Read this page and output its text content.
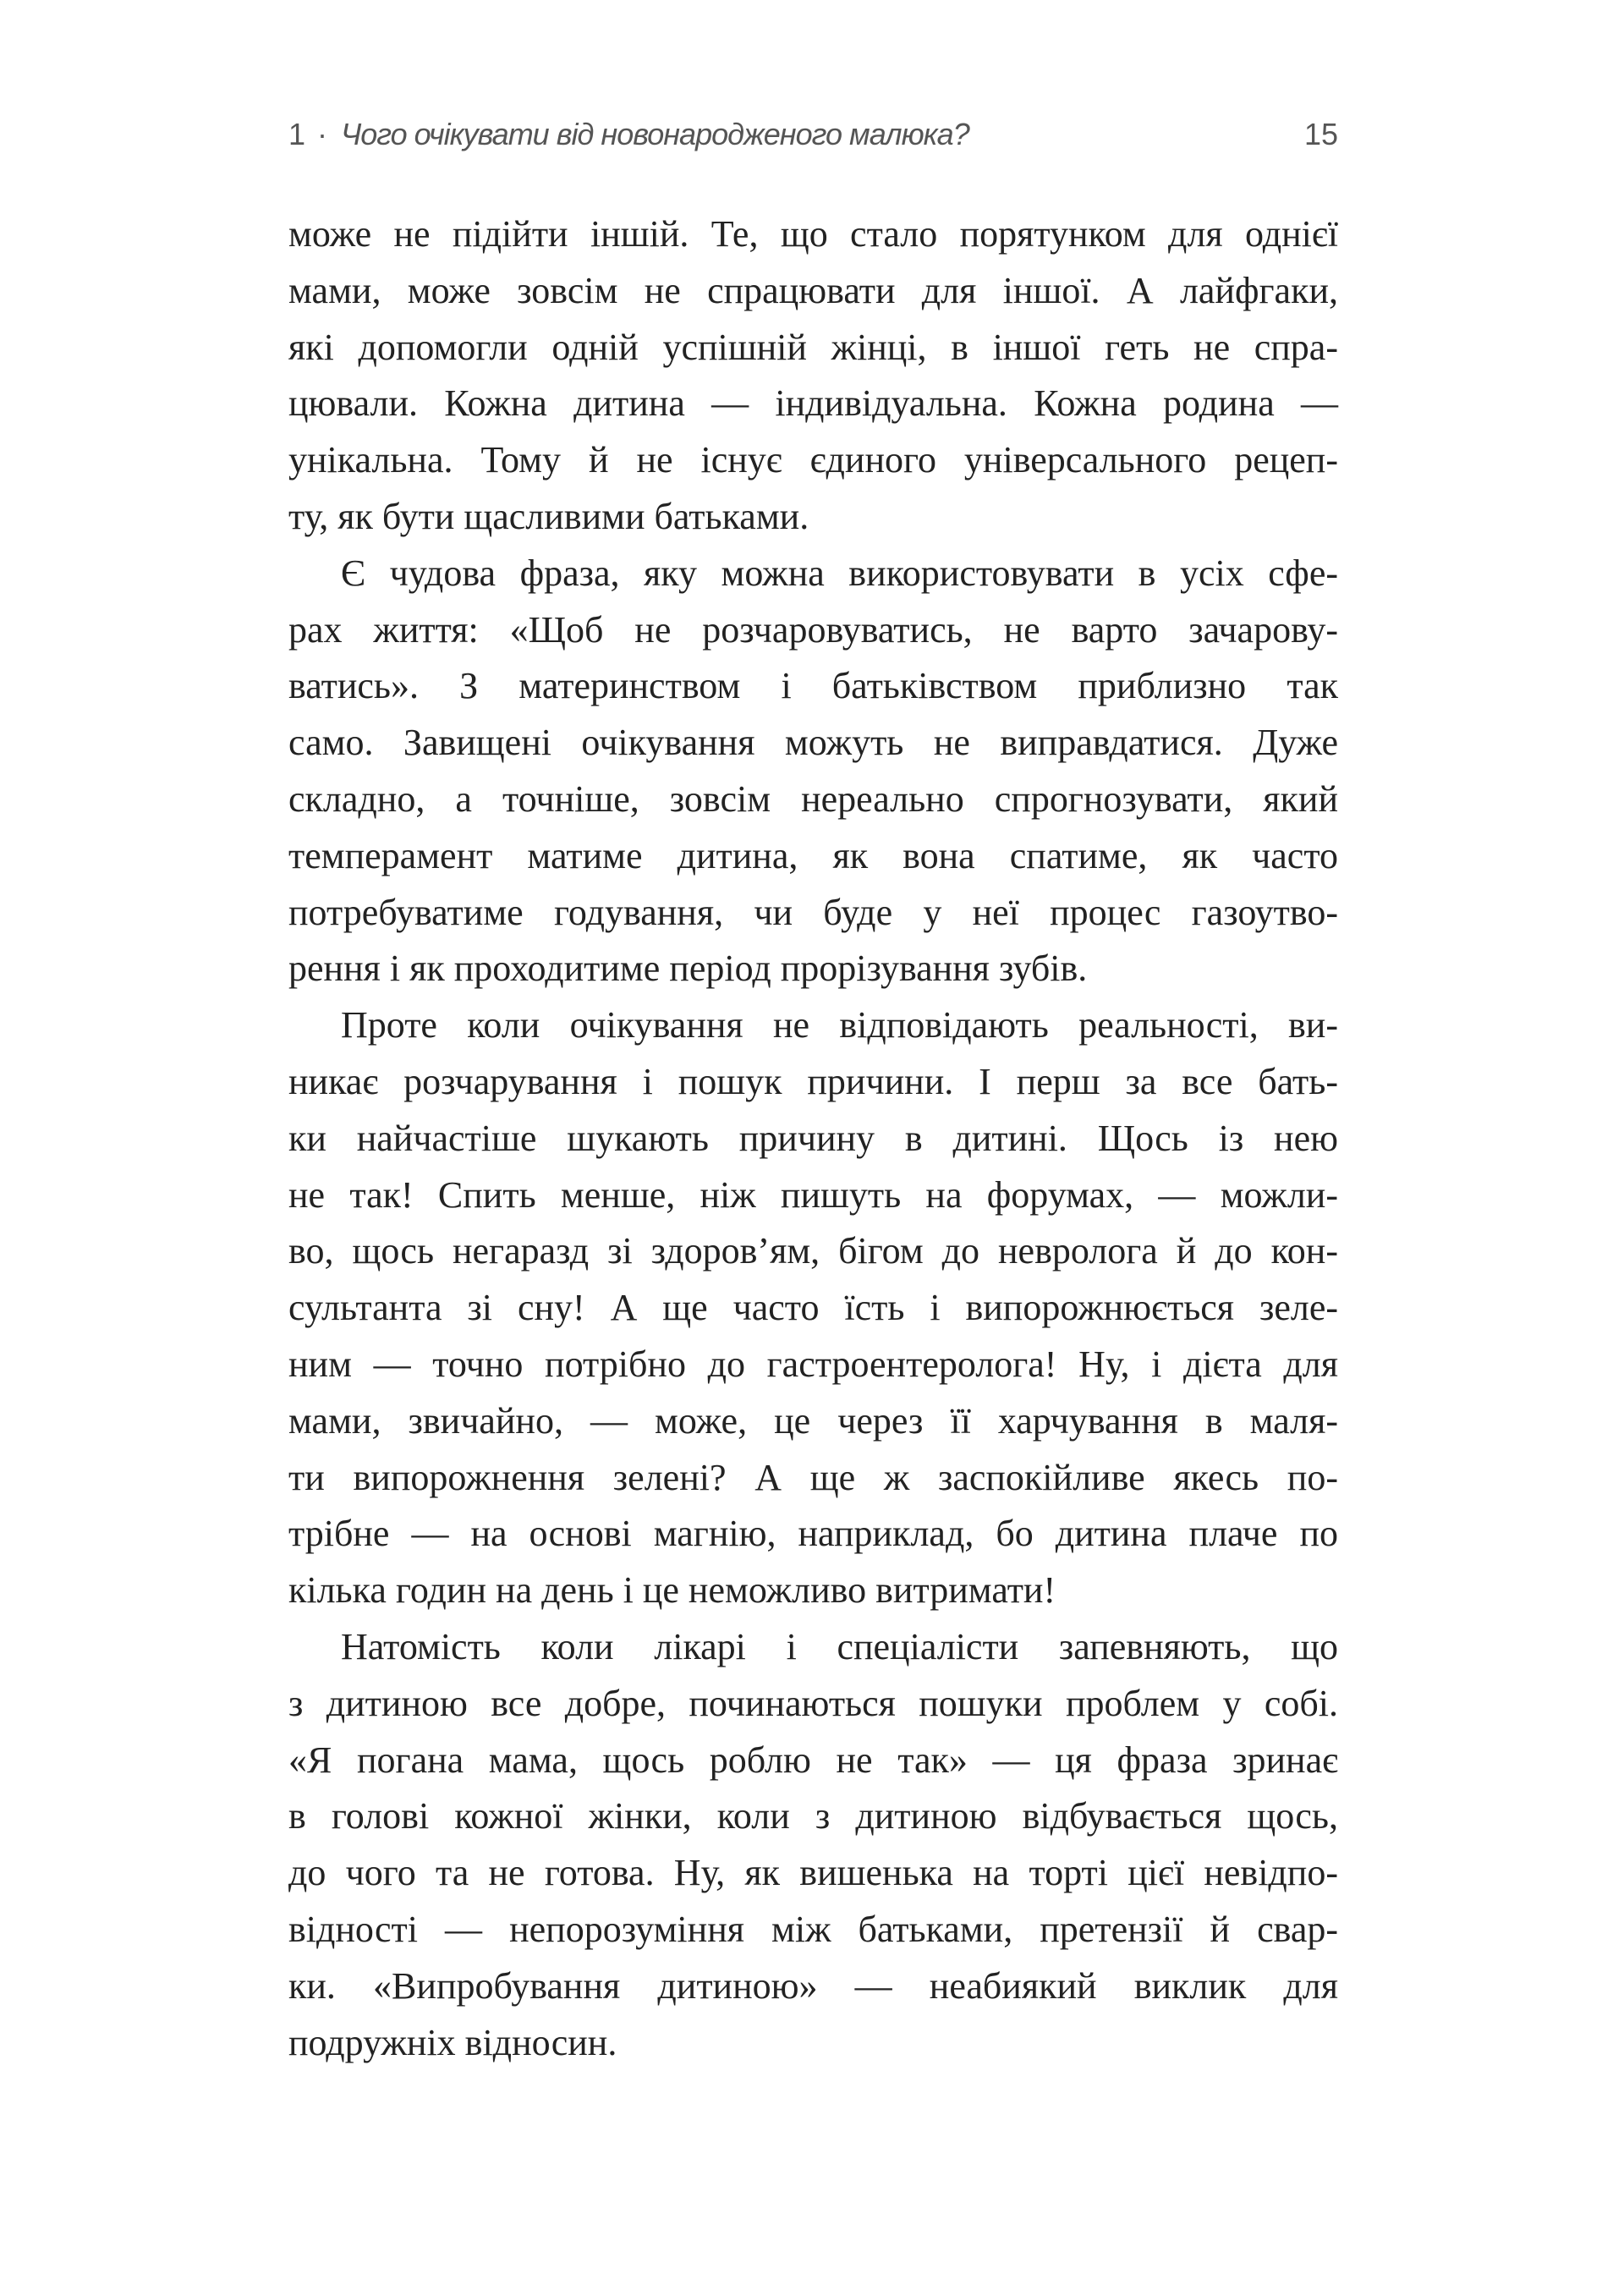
1 · Чого очікувати від новонародженого малюка?	15
може не підійти іншій. Те, що стало порятунком для однієї
мами, може зовсім не спрацювати для іншої. А лайфгаки,
які допомогли одній успішній жінці, в іншої геть не спра-
цювали. Кожна дитина — індивідуальна. Кожна родина —
унікальна. Тому й не існує єдиного універсального рецеп-
ту, як бути щасливими батьками.
Є чудова фраза, яку можна використовувати в усіх сфе-
рах життя: «Щоб не розчаровуватись, не варто зачарову-
ватись». З материнством і батьківством приблизно так
само. Завищені очікування можуть не виправдатися. Дуже
складно, а точніше, зовсім нереально спрогнозувати, який
темперамент матиме дитина, як вона спатиме, як часто
потребуватиме годування, чи буде у неї процес газоутво-
рення і як проходитиме період прорізування зубів.
Проте коли очікування не відповідають реальності, ви-
никає розчарування і пошук причини. І перш за все бать-
ки найчастіше шукають причину в дитині. Щось із нею
не так! Спить менше, ніж пишуть на форумах, — можли-
во, щось негаразд зі здоров’ям, бігом до невролога й до кон-
сультанта зі сну! А ще часто їсть і випорожнюється зеле-
ним — точно потрібно до гастроентеролога! Ну, і дієта для
мами, звичайно, — може, це через її харчування в маля-
ти випорожнення зелені? А ще ж заспокійливе якесь по-
трібне — на основі магнію, наприклад, бо дитина плаче по
кілька годин на день і це неможливо витримати!
Натомість коли лікарі і спеціалісти запевняють, що
з дитиною все добре, починаються пошуки проблем у собі.
«Я погана мама, щось роблю не так» — ця фраза зринає
в голові кожної жінки, коли з дитиною відбувається щось,
до чого та не готова. Ну, як вишенька на торті цієї невідпо-
відності — непорозуміння між батьками, претензії й свар-
ки. «Випробування дитиною» — неабиякий виклик для
подружніх відносин.
